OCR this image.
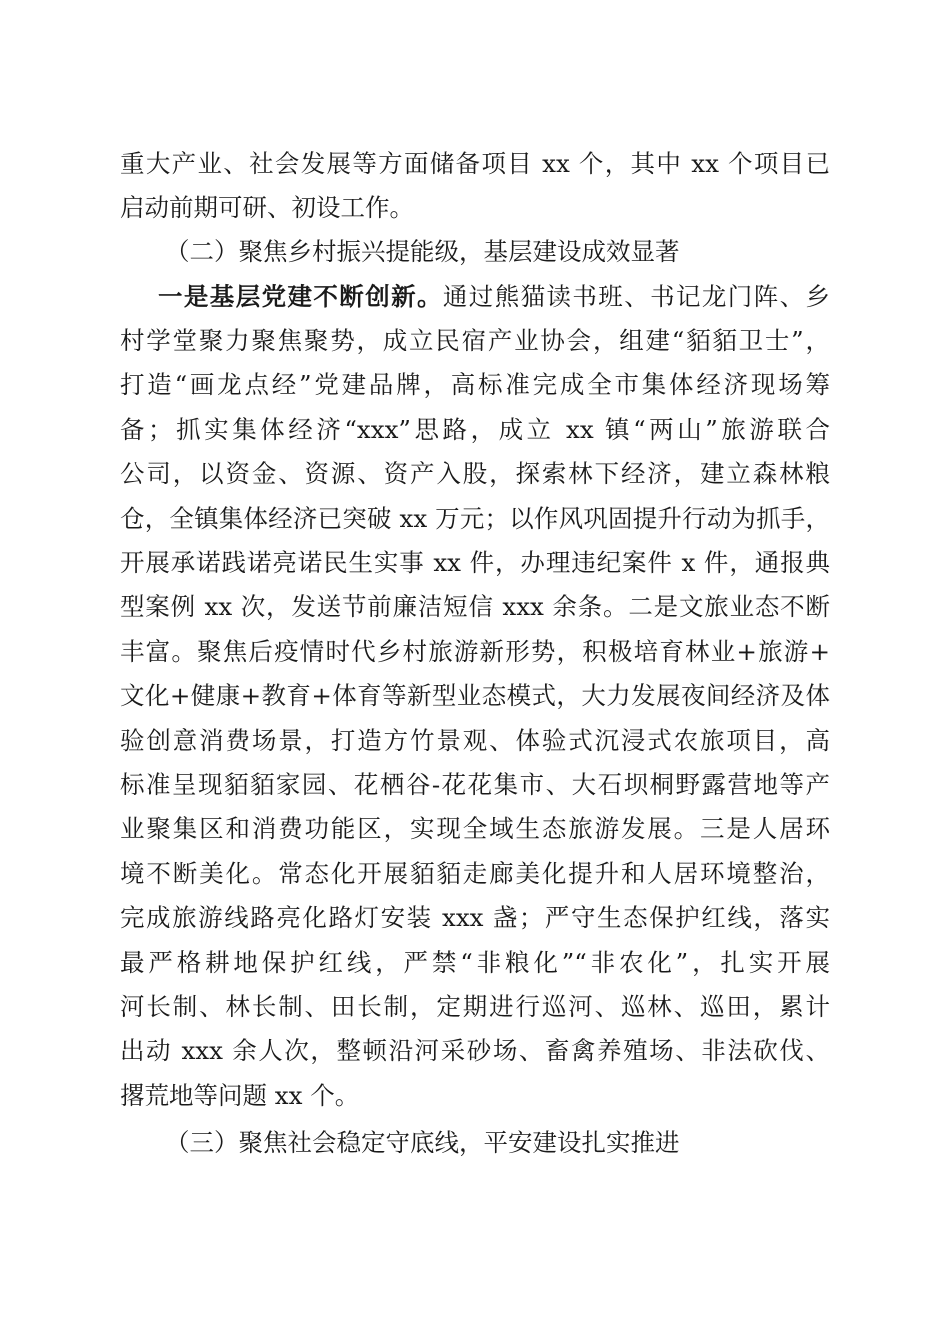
重大产业、社会发展等方面储备项目 xx 个，其中 xx 个项目已
启动前期可研、初设工作。
（二）聚焦乡村振兴提能级，基层建设成效显著
一是基层党建不断创新。通过熊猫读书班、书记龙门阵、乡
村学堂聚力聚焦聚势，成立民宿产业协会，组建“貊貊卫士”，
打造“画龙点经”党建品牌，高标准完成全市集体经济现场筹
备；抓实集体经济“xxx”思路，成立 xx 镇“两山”旅游联合
公司，以资金、资源、资产入股，探索林下经济，建立森林粮
仓，全镇集体经济已突破 xx 万元；以作风巩固提升行动为抓手，
开展承诺践诺亮诺民生实事 xx 件，办理违纪案件 x 件，通报典
型案例 xx 次，发送节前廉洁短信 xxx 余条。二是文旅业态不断
丰富。聚焦后疫情时代乡村旅游新形势，积极培育林业+旅游+
文化+健康+教育+体育等新型业态模式，大力发展夜间经济及体
验创意消费场景，打造方竹景观、体验式沉浸式农旅项目，高
标准呈现貊貊家园、花栖谷-花花集市、大石坝桐野露营地等产
业聚集区和消费功能区，实现全域生态旅游发展。三是人居环
境不断美化。常态化开展貊貊走廊美化提升和人居环境整治，
完成旅游线路亮化路灯安装 xxx 盏；严守生态保护红线，落实
最严格耕地保护红线，严禁“非粮化”“非农化”，扎实开展
河长制、林长制、田长制，定期进行巡河、巡林、巡田，累计
出动 xxx 余人次，整顿沿河采砂场、畜禽养殖场、非法砍伐、
撂荒地等问题 xx 个。
（三）聚焦社会稳定守底线，平安建设扎实推进
